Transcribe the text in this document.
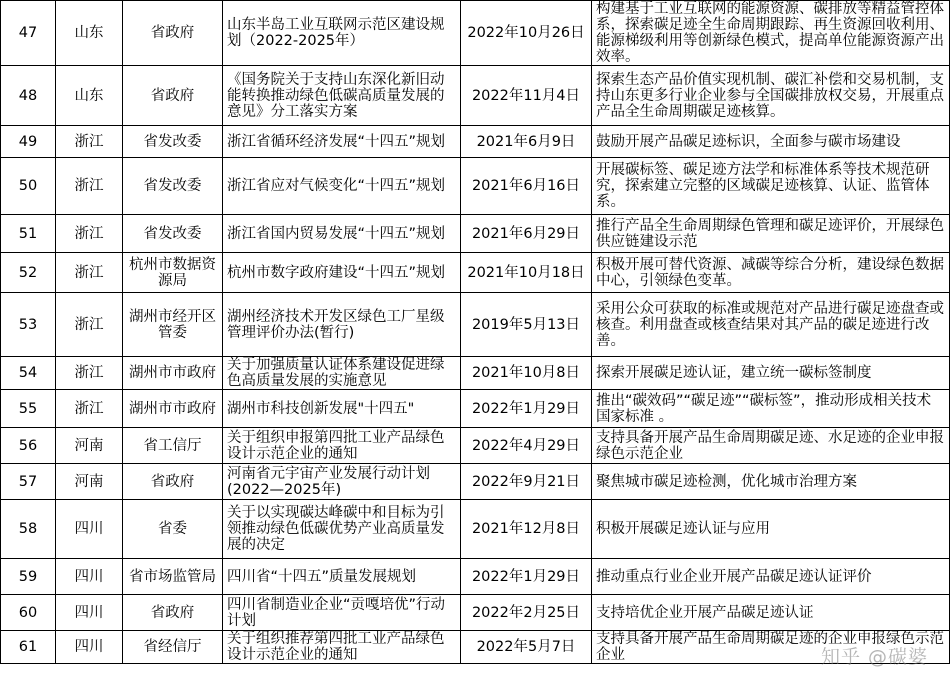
47	山东	省政府	山东半岛工业互联网示范区建设规划（2022-2025年）	2022年10月26日	构建基于工业互联网的能源资源、碳排放等精益管控体系，探索碳足迹全生命周期跟踪、再生资源回收利用、能源梯级利用等创新绿色模式，提高单位能源资源产出效率。
48	山东	省政府	《国务院关于支持山东深化新旧动能转换推动绿色低碳高质量发展的意见》分工落实方案	2022年11月4日	探索生态产品价值实现机制、碳汇补偿和交易机制，支持山东更多行业企业参与全国碳排放权交易，开展重点产品全生命周期碳足迹核算。
49	浙江	省发改委	浙江省循环经济发展“十四五”规划	2021年6月9日	鼓励开展产品碳足迹标识，全面参与碳市场建设
50	浙江	省发改委	浙江省应对气候变化“十四五”规划	2021年6月16日	开展碳标签、碳足迹方法学和标准体系等技术规范研究，探索建立完整的区域碳足迹核算、认证、监管体系。
51	浙江	省发改委	浙江省国内贸易发展“十四五”规划	2021年6月29日	推行产品全生命周期绿色管理和碳足迹评价，开展绿色供应链建设示范
52	浙江	杭州市数据资源局	杭州市数字政府建设“十四五”规划	2021年10月18日	积极开展可替代资源、减碳等综合分析，建设绿色数据中心，引领绿色变革。
53	浙江	湖州市经开区管委	湖州经济技术开发区绿色工厂星级管理评价办法(暂行)	2019年5月13日	采用公众可获取的标准或规范对产品进行碳足迹盘查或核查。利用盘查或核查结果对其产品的碳足迹进行改善。
54	浙江	湖州市市政府	关于加强质量认证体系建设促进绿色高质量发展的实施意见	2021年10月8日	探索开展碳足迹认证，建立统一碳标签制度
55	浙江	湖州市市政府	湖州市科技创新发展"十四五"	2022年1月29日	推出“碳效码”“碳足迹”“碳标签”，推动形成相关技术国家标准 。
56	河南	省工信厅	关于组织申报第四批工业产品绿色设计示范企业的通知	2022年4月29日	支持具备开展产品生命周期碳足迹、水足迹的企业申报绿色示范企业
57	河南	省政府	河南省元宇宙产业发展行动计划(2022—2025年)	2022年9月21日	聚焦城市碳足迹检测，优化城市治理方案
58	四川	省委	关于以实现碳达峰碳中和目标为引领推动绿色低碳优势产业高质量发展的决定	2021年12月8日	积极开展碳足迹认证与应用
59	四川	省市场监管局	四川省“十四五”质量发展规划	2022年1月29日	推动重点行业企业开展产品碳足迹认证评价
60	四川	省政府	四川省制造业企业“贡嘎培优”行动计划	2022年2月25日	支持培优企业开展产品碳足迹认证
61	四川	省经信厅	关于组织推荐第四批工业产品绿色设计示范企业的通知	2022年5月7日	支持具备开展产品生命周期碳足迹的企业申报绿色示范企业	知乎 @碳婆
